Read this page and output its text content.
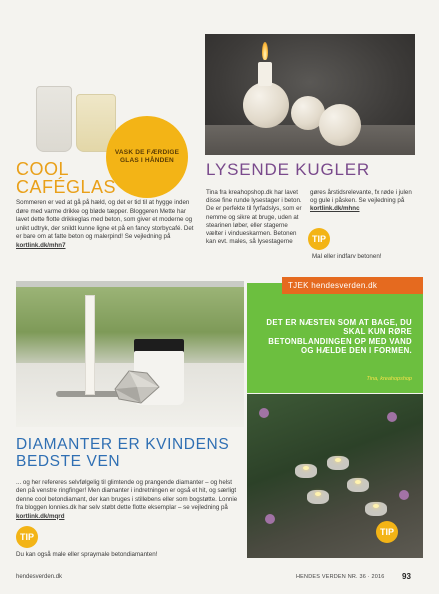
VASK DE FÆRDIGE GLAS I HÅNDEN
COOL CAFÉGLAS
Sommeren er ved at gå på hæld, og det er tid til at hygge inden døre med varme drikke og bløde tæpper. Bloggeren Mette har lavet dette flotte drikkeglas med beton, som giver et moderne og unikt udtryk, der snildt kunne ligne et på en fancy storbycafé. Det er bare om at fatte beton og malerpind! Se vejledning på kortlink.dk/mhn7
LYSENDE KUGLER
Tina fra kreahopshop.dk har lavet disse fine runde lysestager i beton. De er perfekte til fyrfadslys, som er nemme og sikre at bruge, uden at stearinen løber, eller stagerne vælter i vindueskarmen. Betonen kan evt. males, så lysestagerne
gøres årstidsrelevante, fx røde i julen og gule i påsken. Se vejledning på kortlink.dk/mhnc
TIP
Mal eller indfarv betonen!
DIAMANTER ER KVINDENS BEDSTE VEN
... og her refereres selvfølgelig til glimtende og prangende diamanter – og helst den på venstre ringfinger! Men diamanter i indretningen er også et hit, og særligt denne cool betondiamant, der kan bruges i stillebens eller som bogstøtte. Lonnie fra bloggen lonnies.dk har selv støbt dette flotte eksemplar – se vejledning på kortlink.dk/mqrd
TIP
Du kan også male eller spraymale betondiamanten!
TJEK hendesverden.dk
DET ER NÆSTEN SOM AT BAGE, DU SKAL KUN RØRE BETONBLANDINGEN OP MED VAND OG HÆLDE DEN I FORMEN.
Tina, kreahopshop
TIP
hendesverden.dk	HENDES VERDEN NR. 36 · 2016 93
